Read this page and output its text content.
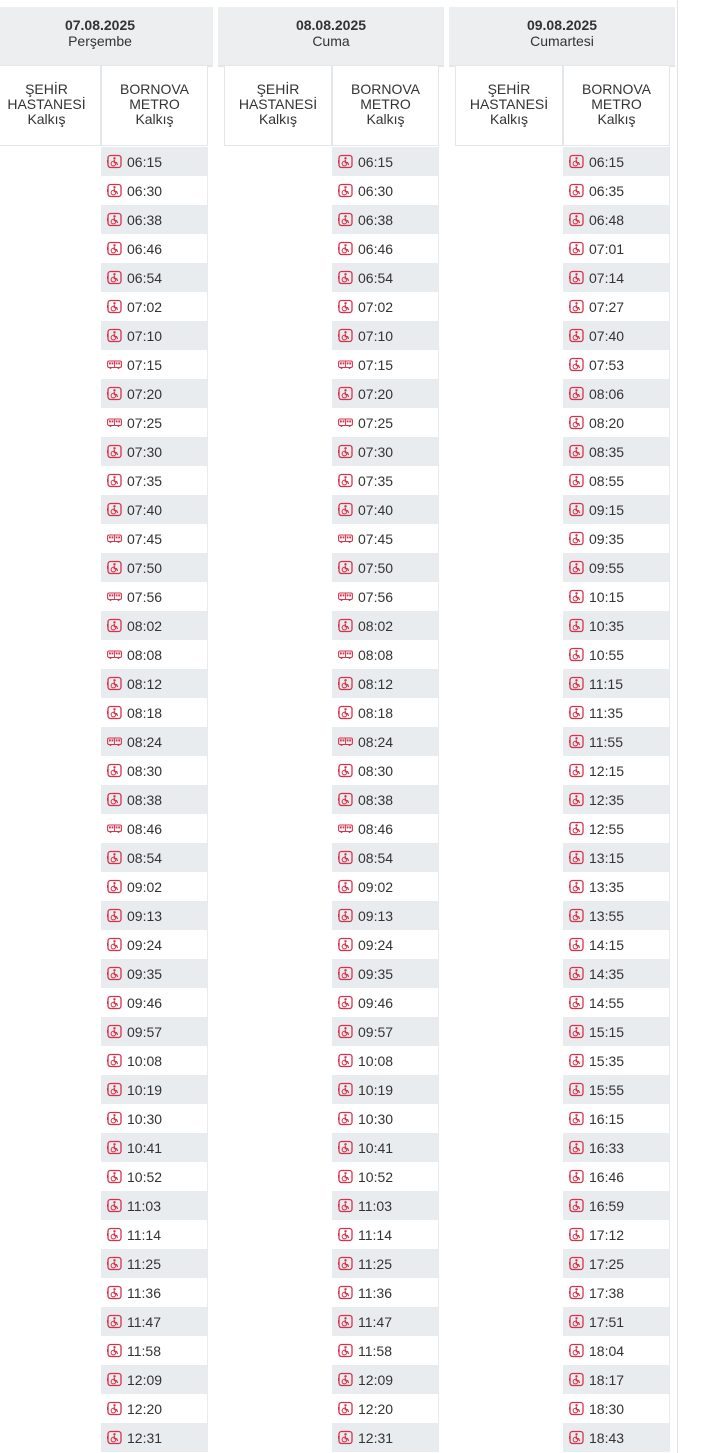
07.08.2025
Perşembe
ŞEHİR
HASTANESİ
Kalkış
BORNOVA
METRO
Kalkış
06:15
06:30
06:38
06:46
06:54
07:02
07:10
07:15
07:20
07:25
07:30
07:35
07:40
07:45
07:50
07:56
08:02
08:08
08:12
08:18
08:24
08:30
08:38
08:46
08:54
09:02
09:13
09:24
09:35
09:46
09:57
10:08
10:19
10:30
10:41
10:52
11:03
11:14
11:25
11:36
11:47
11:58
12:09
12:20
12:31
08.08.2025
Cuma
ŞEHİR
HASTANESİ
Kalkış
BORNOVA
METRO
Kalkış
06:15
06:30
06:38
06:46
06:54
07:02
07:10
07:15
07:20
07:25
07:30
07:35
07:40
07:45
07:50
07:56
08:02
08:08
08:12
08:18
08:24
08:30
08:38
08:46
08:54
09:02
09:13
09:24
09:35
09:46
09:57
10:08
10:19
10:30
10:41
10:52
11:03
11:14
11:25
11:36
11:47
11:58
12:09
12:20
12:31
09.08.2025
Cumartesi
ŞEHİR
HASTANESİ
Kalkış
BORNOVA
METRO
Kalkış
06:15
06:35
06:48
07:01
07:14
07:27
07:40
07:53
08:06
08:20
08:35
08:55
09:15
09:35
09:55
10:15
10:35
10:55
11:15
11:35
11:55
12:15
12:35
12:55
13:15
13:35
13:55
14:15
14:35
14:55
15:15
15:35
15:55
16:15
16:33
16:46
16:59
17:12
17:25
17:38
17:51
18:04
18:17
18:30
18:43
